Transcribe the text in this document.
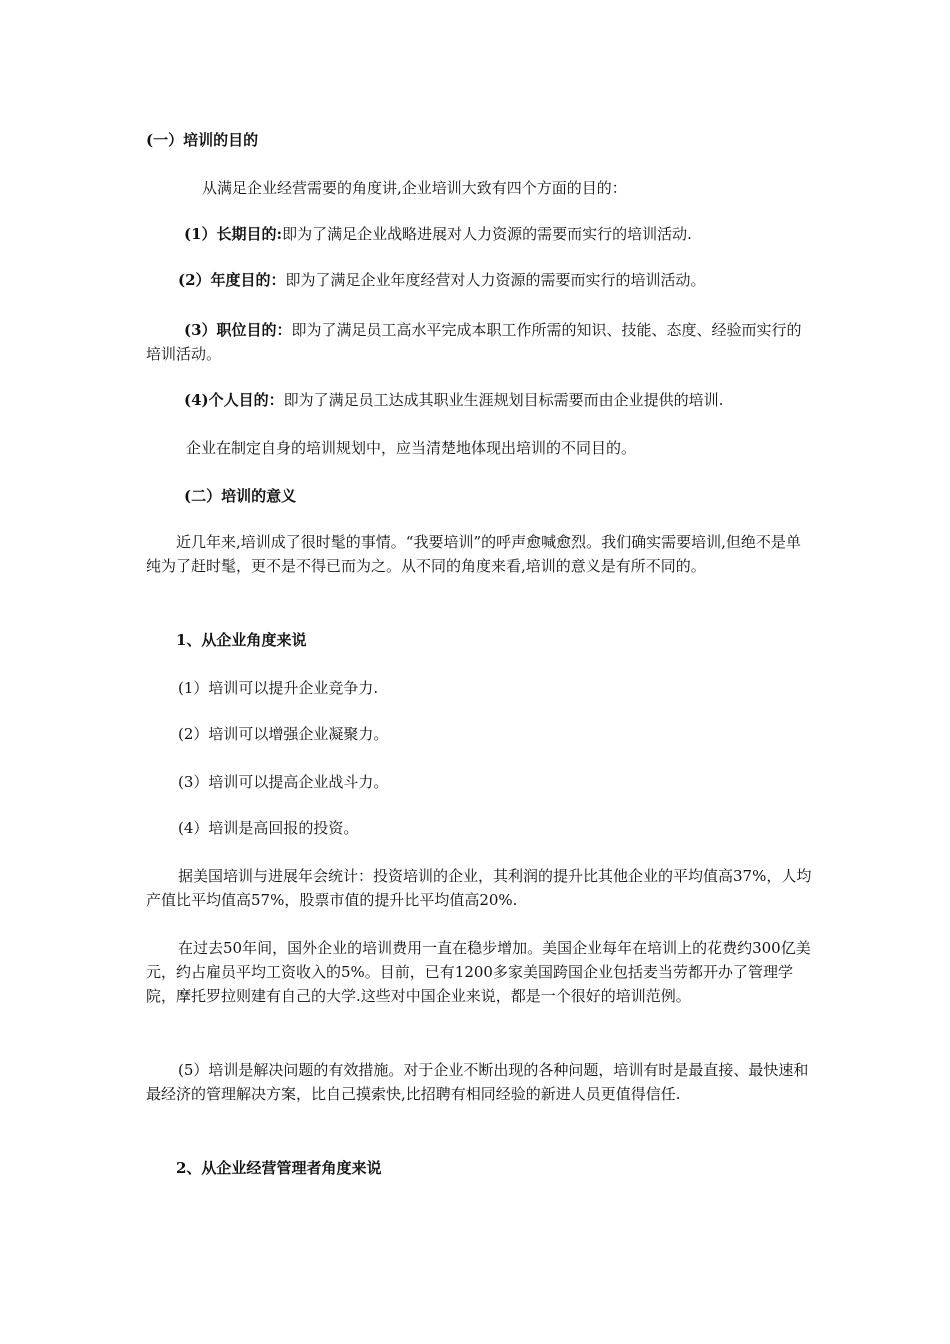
(一）培训的目的

从满足企业经营需要的角度讲,企业培训大致有四个方面的目的：

(1）长期目的:即为了满足企业战略进展对人力资源的需要而实行的培训活动.

(2）年度目的：即为了满足企业年度经营对人力资源的需要而实行的培训活动。

(3）职位目的：即为了满足员工高水平完成本职工作所需的知识、技能、态度、经验而实行的培训活动。

(4)个人目的：即为了满足员工达成其职业生涯规划目标需要而由企业提供的培训.

企业在制定自身的培训规划中，应当清楚地体现出培训的不同目的。

(二）培训的意义

近几年来,培训成了很时髦的事情。“我要培训”的呼声愈喊愈烈。我们确实需要培训,但绝不是单纯为了赶时髦，更不是不得已而为之。从不同的角度来看,培训的意义是有所不同的。

1、从企业角度来说

(1）培训可以提升企业竞争力.

(2）培训可以增强企业凝聚力。

(3）培训可以提高企业战斗力。

(4）培训是高回报的投资。

据美国培训与进展年会统计：投资培训的企业，其利润的提升比其他企业的平均值高37%，人均产值比平均值高57%，股票市值的提升比平均值高20%.

在过去50年间，国外企业的培训费用一直在稳步增加。美国企业每年在培训上的花费约300亿美元，约占雇员平均工资收入的5%。目前，已有1200多家美国跨国企业包括麦当劳都开办了管理学院，摩托罗拉则建有自己的大学.这些对中国企业来说，都是一个很好的培训范例。

(5）培训是解决问题的有效措施。对于企业不断出现的各种问题，培训有时是最直接、最快速和最经济的管理解决方案，比自己摸索快,比招聘有相同经验的新进人员更值得信任.

2、从企业经营管理者角度来说
